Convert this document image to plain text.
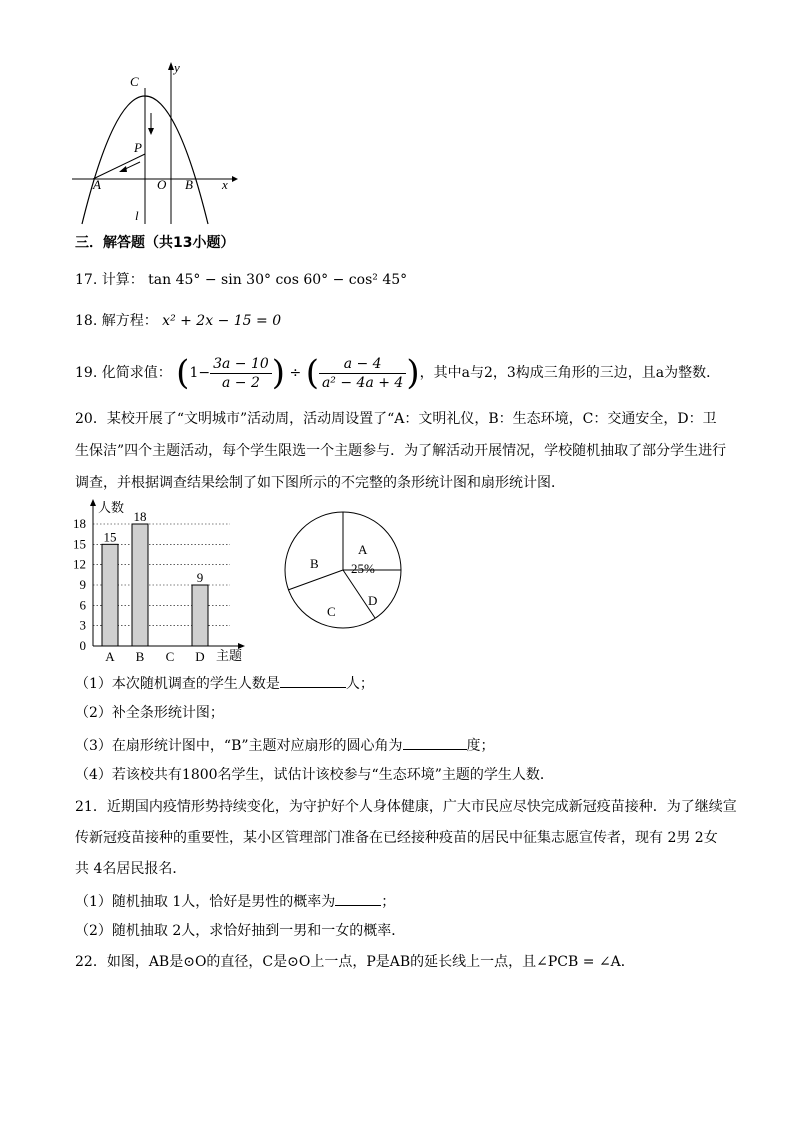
C
y
P
A	O B x
l
三．解答题（共13小题）
17. 计算： tan 45° − sin 30° cos 60° − cos² 45°
18. 解方程： x² + 2x − 15 = 0
19. 化简求值： ($1- \frac{3a - 10}{a - 2}$ ) ÷ ( $\frac{a - 4}{\text{a² − 4a + 4}}$ )，其中a与2，3构成三角形的三边，且a为整数．
20．某校开展了“文明城市”活动周，活动周设置了“A：文明礼仪，B：生态环境，C：交通安全，D：卫
生保洁”四个主题活动，每个学生限选一个主题参与．为了解活动开展情况，学校随机抽取了部分学生进行
调查，并根据调查结果绘制了如下图所示的不完整的条形统计图和扇形统计图．
0
3
6
9
12
15
18
15
18
9
A B C D
人数
主题
A
25%
B
C
D
（1）本次随机调查的学生人数是	人；
（2）补全条形统计图；
（3）在扇形统计图中，“B”主题对应扇形的圆心角为	度；
（4）若该校共有1800名学生，试估计该校参与“生态环境”主题的学生人数．
21．近期国内疫情形势持续变化，为守护好个人身体健康，广大市民应尽快完成新冠疫苗接种．为了继续宣
传新冠疫苗接种的重要性，某小区管理部门准备在已经接种疫苗的居民中征集志愿宣传者，现有 2男 2女
共 4名居民报名．
（1）随机抽取 1人，恰好是男性的概率为	；
（2）随机抽取 2人，求恰好抽到一男和一女的概率．
22．如图，AB是⊙O的直径，C是⊙O上一点，P是AB的延长线上一点，且∠PCB = ∠A．
